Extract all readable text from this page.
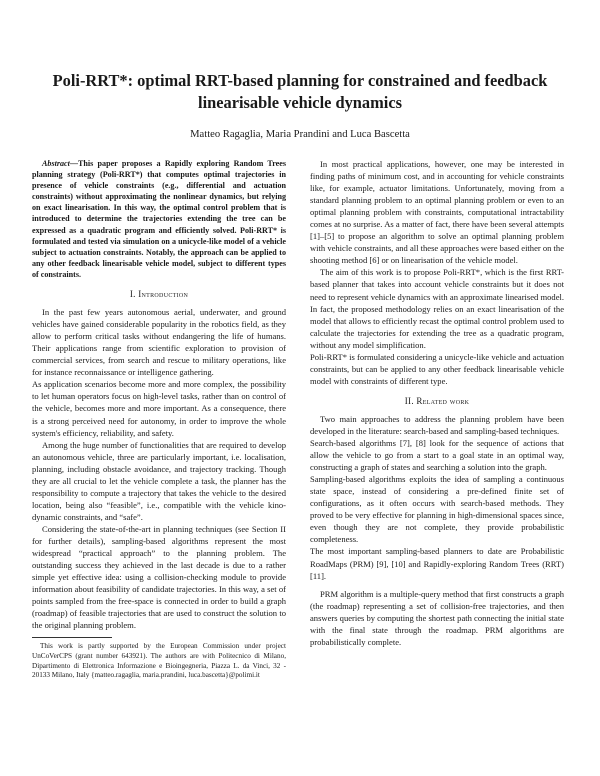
Poli-RRT*: optimal RRT-based planning for constrained and feedback linearisable vehicle dynamics
Matteo Ragaglia, Maria Prandini and Luca Bascetta

Abstract—This paper proposes a Rapidly exploring Random Trees planning strategy (Poli-RRT*) that computes optimal trajectories in presence of vehicle constraints (e.g., differential and actuation constraints) without approximating the nonlinear dynamics, but relying on exact linearisation. In this way, the optimal control problem that is introduced to determine the trajectories extending the tree can be expressed as a quadratic program and efficiently solved. Poli-RRT* is formulated and tested via simulation on a unicycle-like model of a vehicle subject to actuation constraints. Notably, the approach can be applied to any other feedback linearisable vehicle model, subject to different types of constraints.

I. Introduction

In the past few years autonomous aerial, underwater, and ground vehicles have gained considerable popularity in the robotics field, as they allow to perform critical tasks without endangering the life of humans. Their applications range from scientific exploration to provision of commercial services, from search and rescue to military operations, like for instance reconnaissance or intelligence gathering.

As application scenarios become more and more complex, the possibility to let human operators focus on high-level tasks, rather than on control of the vehicle, becomes more and more important. As a consequence, there is a strong perceived need for autonomy, in order to improve the whole system's efficiency, reliability, and safety.

Among the huge number of functionalities that are required to develop an autonomous vehicle, three are particularly important, i.e. localisation, planning, including obstacle avoidance, and trajectory tracking. Though they are all crucial to let the vehicle complete a task, the planner has the responsibility to compute a trajectory that takes the vehicle to the desired location, being also “feasible”, i.e., compatible with the vehicle kino-dynamic constraints, and “safe”.

Considering the state-of-the-art in planning techniques (see Section II for further details), sampling-based algorithms represent the most widespread “practical approach” to the planning problem. The outstanding success they achieved in the last decade is due to a rather simple yet effective idea: using a collision-checking module to provide information about feasibility of candidate trajectories. In this way, a set of points sampled from the free-space is connected in order to build a graph (roadmap) of feasible trajectories that are used to construct the solution to the original planning problem.

This work is partly supported by the European Commission under project UnCoVerCPS (grant number 643921). The authors are with Politecnico di Milano, Dipartimento di Elettronica Informazione e Bioingegneria, Piazza L. da Vinci, 32 - 20133 Milano, Italy {matteo.ragaglia, maria.prandini, luca.bascetta}@polimi.it

In most practical applications, however, one may be interested in finding paths of minimum cost, and in accounting for vehicle constraints like, for example, actuator limitations. Unfortunately, moving from a standard planning problem to an optimal planning problem or even to an optimal planning problem with constraints, computational intractability comes at no surprise. As a matter of fact, there have been several attempts [1]–[5] to propose an algorithm to solve an optimal planning problem with vehicle constraints, and all these approaches were based either on the shooting method [6] or on linearisation of the vehicle model.

The aim of this work is to propose Poli-RRT*, which is the first RRT-based planner that takes into account vehicle constraints but it does not need to represent vehicle dynamics with an approximate linearised model. In fact, the proposed methodology relies on an exact linearisation of the model that allows to efficiently recast the optimal control problem used to calculate the trajectories for extending the tree as a quadratic program, without any model simplification.

Poli-RRT* is formulated considering a unicycle-like vehicle and actuation constraints, but can be applied to any other feedback linearisable vehicle model with constraints of different type.

II. Related work

Two main approaches to address the planning problem have been developed in the literature: search-based and sampling-based techniques.

Search-based algorithms [7], [8] look for the sequence of actions that allow the vehicle to go from a start to a goal state in an optimal way, constructing a graph of states and searching a solution into the graph.

Sampling-based algorithms exploits the idea of sampling a continuous state space, instead of considering a pre-defined finite set of configurations, as it often occurs with search-based methods. They proved to be very effective for planning in high-dimensional spaces since, even though they are not complete, they provide probabilistic completeness.

The most important sampling-based planners to date are Probabilistic RoadMaps (PRM) [9], [10] and Rapidly-exploring Random Trees (RRT) [11].

PRM algorithm is a multiple-query method that first constructs a graph (the roadmap) representing a set of collision-free trajectories, and then answers queries by computing the shortest path connecting the initial state with the final state through the roadmap. PRM algorithms are probabilistically complete.
